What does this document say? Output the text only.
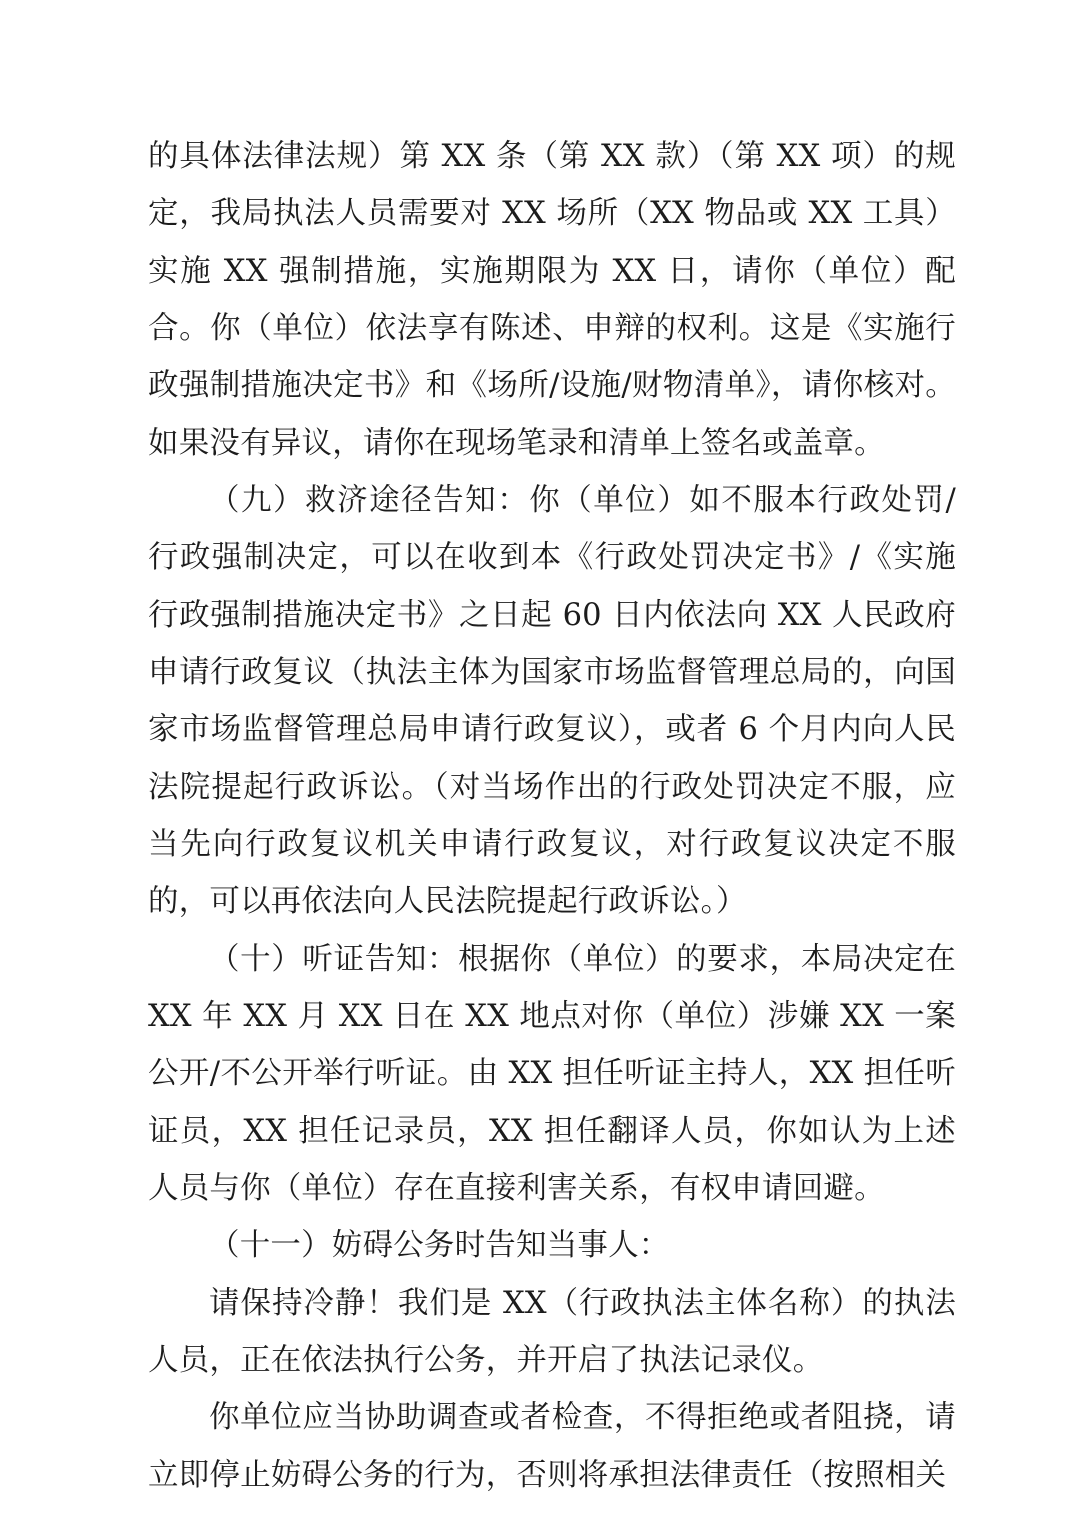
的具体法律法规）第 XX 条（第 XX 款）（第 XX 项）的规定，我局执法人员需要对 XX 场所（XX 物品或 XX 工具）实施 XX 强制措施，实施期限为 XX 日，请你（单位）配合。你（单位）依法享有陈述、申辩的权利。这是《实施行政强制措施决定书》和《场所/设施/财物清单》，请你核对。如果没有异议，请你在现场笔录和清单上签名或盖章。

（九）救济途径告知：你（单位）如不服本行政处罚/行政强制决定，可以在收到本《行政处罚决定书》/《实施行政强制措施决定书》之日起 60 日内依法向 XX 人民政府申请行政复议（执法主体为国家市场监督管理总局的，向国家市场监督管理总局申请行政复议），或者 6 个月内向人民法院提起行政诉讼。（对当场作出的行政处罚决定不服，应当先向行政复议机关申请行政复议，对行政复议决定不服的，可以再依法向人民法院提起行政诉讼。）

（十）听证告知：根据你（单位）的要求，本局决定在 XX 年 XX 月 XX 日在 XX 地点对你（单位）涉嫌 XX 一案公开/不公开举行听证。由 XX 担任听证主持人，XX 担任听证员，XX 担任记录员，XX 担任翻译人员，你如认为上述人员与你（单位）存在直接利害关系，有权申请回避。

（十一）妨碍公务时告知当事人：

请保持冷静！我们是 XX（行政执法主体名称）的执法人员，正在依法执行公务，并开启了执法记录仪。

你单位应当协助调查或者检查，不得拒绝或者阻挠，请立即停止妨碍公务的行为，否则将承担法律责任（按照相关
